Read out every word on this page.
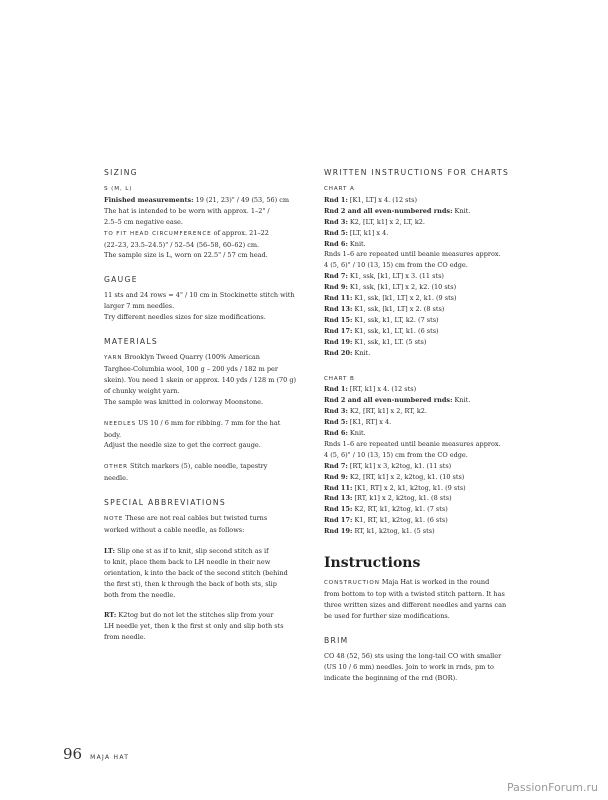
SIZING
S (M, L)
Finished measurements: 19 (21, 23)" / 49 (53, 56) cm
The hat is intended to be worn with approx. 1–2" /
2.5–5 cm negative ease.
TO FIT HEAD CIRCUMFERENCE of approx. 21–22
(22–23, 23.5–24.5)" / 52–54 (56–58, 60–62) cm.
The sample size is L, worn on 22.5" / 57 cm head.
GAUGE
11 sts and 24 rows = 4" / 10 cm in Stockinette stitch with
larger 7 mm needles.
Try different needles sizes for size modifications.
MATERIALS
YARN Brooklyn Tweed Quarry (100% American
Targhee-Columbia wool, 100 g – 200 yds / 182 m per
skein). You need 1 skein or approx. 140 yds / 128 m (70 g)
of chunky weight yarn.
The sample was knitted in colorway Moonstone.
NEEDLES US 10 / 6 mm for ribbing. 7 mm for the hat
body.
Adjust the needle size to get the correct gauge.
OTHER Stitch markers (5), cable needle, tapestry
needle.
SPECIAL ABBREVIATIONS
NOTE These are not real cables but twisted turns
worked without a cable needle, as follows:
LT: Slip one st as if to knit, slip second stitch as if
to knit, place them back to LH needle in their new
orientation, k into the back of the second stitch (behind
the first st), then k through the back of both sts, slip
both from the needle.
RT: K2tog but do not let the stitches slip from your
LH needle yet, then k the first st only and slip both sts
from needle.
WRITTEN INSTRUCTIONS FOR CHARTS
CHART A
Rnd 1: [K1, LT] x 4. (12 sts)
Rnd 2 and all even-numbered rnds: Knit.
Rnd 3: K2, [LT, k1] x 2, LT, k2.
Rnd 5: [LT, k1] x 4.
Rnd 6: Knit.
Rnds 1–6 are repeated until beanie measures approx.
4 (5, 6)" / 10 (13, 15) cm from the CO edge.
Rnd 7: K1, ssk, [k1, LT] x 3. (11 sts)
Rnd 9: K1, ssk, [k1, LT] x 2, k2. (10 sts)
Rnd 11: K1, ssk, [k1, LT] x 2, k1. (9 sts)
Rnd 13: K1, ssk, [k1, LT] x 2. (8 sts)
Rnd 15: K1, ssk, k1, LT, k2. (7 sts)
Rnd 17: K1, ssk, k1, LT, k1. (6 sts)
Rnd 19: K1, ssk, k1, LT. (5 sts)
Rnd 20: Knit.
CHART B
Rnd 1: [RT, k1] x 4. (12 sts)
Rnd 2 and all even-numbered rnds: Knit.
Rnd 3: K2, [RT, k1] x 2, RT, k2.
Rnd 5: [K1, RT] x 4.
Rnd 6: Knit.
Rnds 1–6 are repeated until beanie measures approx.
4 (5, 6)" / 10 (13, 15) cm from the CO edge.
Rnd 7: [RT, k1] x 3, k2tog, k1. (11 sts)
Rnd 9: K2, [RT, k1] x 2, k2tog, k1. (10 sts)
Rnd 11: [K1, RT] x 2, k1, k2tog, k1. (9 sts)
Rnd 13: [RT, k1] x 2, k2tog, k1. (8 sts)
Rnd 15: K2, RT, k1, k2tog, k1. (7 sts)
Rnd 17: K1, RT, k1, k2tog, k1. (6 sts)
Rnd 19: RT, k1, k2tog, k1. (5 sts)
Instructions
CONSTRUCTION Maja Hat is worked in the round
from bottom to top with a twisted stitch pattern. It has
three written sizes and different needles and yarns can
be used for further size modifications.
BRIM
CO 48 (52, 56) sts using the long-tail CO with smaller
(US 10 / 6 mm) needles. Join to work in rnds, pm to
indicate the beginning of the rnd (BOR).
96 MAJA HAT
PassionForum.ru
